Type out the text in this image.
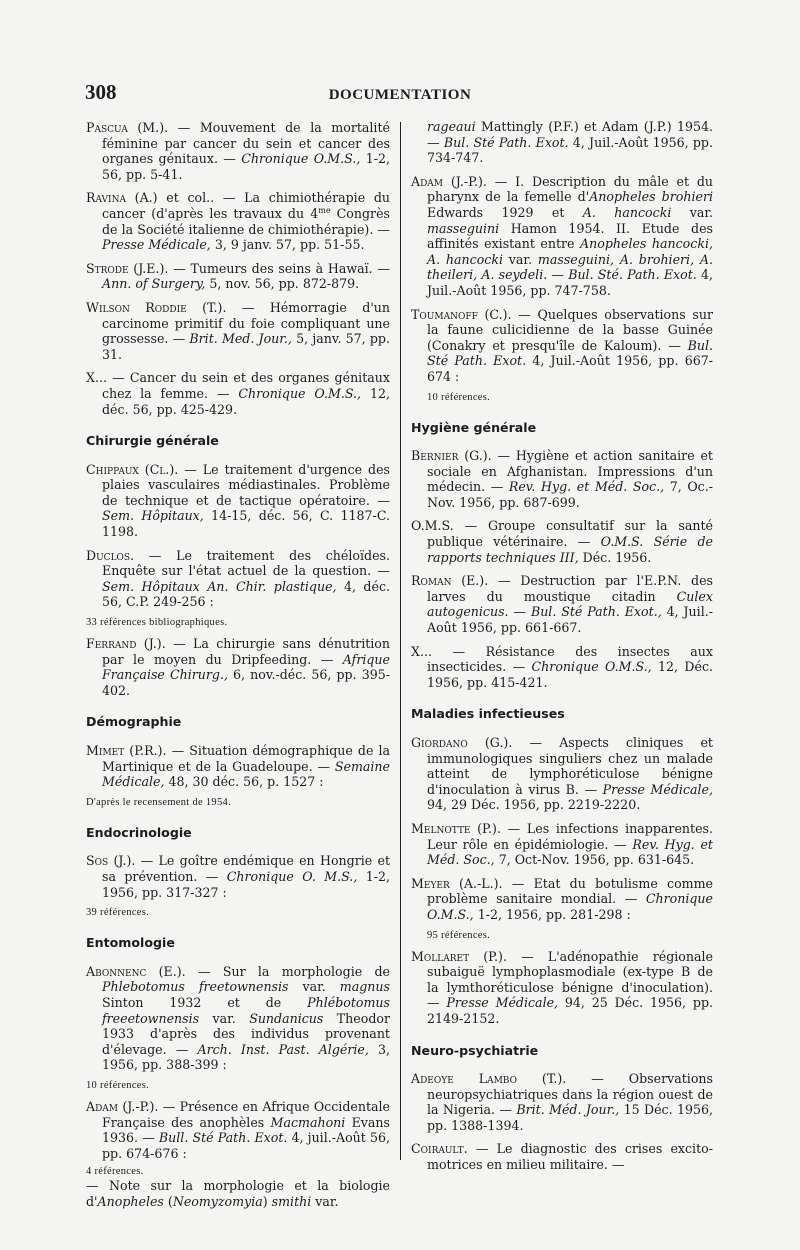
308	DOCUMENTATION

Pascua (M.). — Mouvement de la mortalité féminine par cancer du sein et cancer des organes génitaux. — Chronique O.M.S., 1-2, 56, pp. 5-41.

Ravina (A.) et col.. — La chimiothérapie du cancer (d'après les travaux du $4^{me}$ Congrès de la Société italienne de chimiothérapie). — Presse Médicale, 3, 9 janv. 57, pp. 51-55.

Strode (J.E.). — Tumeurs des seins à Hawaï. — Ann. of Surgery, 5, nov. 56, pp. 872-879.

Wilson Roddie (T.). — Hémorragie d'un carcinome primitif du foie compliquant une grossesse. — Brit. Med. Jour., 5, janv. 57, pp. 31.

X... — Cancer du sein et des organes génitaux chez la femme. — Chronique O.M.S., 12, déc. 56, pp. 425-429.

Chirurgie générale

Chippaux (Cl.). — Le traitement d'urgence des plaies vasculaires médiastinales. Problème de technique et de tactique opératoire. — Sem. Hôpitaux, 14-15, déc. 56, C. 1187-C. 1198.

Duclos. — Le traitement des chéloïdes. Enquête sur l'état actuel de la question. — Sem. Hôpitaux An. Chir. plastique, 4, déc. 56, C.P. 249-256 :

33 références bibliographiques.

Ferrand (J.). — La chirurgie sans dénutrition par le moyen du Dripfeeding. — Afrique Française Chirurg., 6, nov.-déc. 56, pp. 395-402.

Démographie

Mimet (P.R.). — Situation démographique de la Martinique et de la Guadeloupe. — Semaine Médicale, 48, 30 déc. 56, p. 1527 :

D'après le recensement de 1954.

Endocrinologie

Sos (J.). — Le goître endémique en Hongrie et sa prévention. — Chronique O. M.S., 1-2, 1956, pp. 317-327 :

39 références.

Entomologie

Abonnenc (E.). — Sur la morphologie de Phlebotomus freetownensis var. magnus Sinton 1932 et de Phlébotomus freeetownensis var. Sundanicus Theodor 1933 d'après des individus provenant d'élevage. — Arch. Inst. Past. Algérie, 3, 1956, pp. 388-399 :

10 références.

Adam (J.-P.). — Présence en Afrique Occidentale Française des anophèles Macmahoni Evans 1936. — Bull. Sté Path. Exot. 4, juil.-Août 56, pp. 674-676 :

4 références.

— Note sur la morphologie et la biologie d'Anopheles (Neomyzomyia) smithi var.

rageaui Mattingly (P.F.) et Adam (J.P.) 1954. — Bul. Sté Path. Exot. 4, Juil.-Août 1956, pp. 734-747.

Adam (J.-P.). — I. Description du mâle et du pharynx de la femelle d'Anopheles brohieri Edwards 1929 et A. hancocki var. masseguini Hamon 1954. II. Etude des affinités existant entre Anopheles hancocki, A. hancocki var. masseguini, A. brohieri, A. theileri, A. seydeli. — Bul. Sté. Path. Exot. 4, Juil.-Août 1956, pp. 747-758.

Toumanoff (C.). — Quelques observations sur la faune culicidienne de la basse Guinée (Conakry et presqu'île de Kaloum). — Bul. Sté Path. Exot. 4, Juil.-Août 1956, pp. 667-674 :

10 références.

Hygiène générale

Bernier (G.). — Hygiène et action sanitaire et sociale en Afghanistan. Impressions d'un médecin. — Rev. Hyg. et Méd. Soc., 7, Oc.-Nov. 1956, pp. 687-699.

O.M.S. — Groupe consultatif sur la santé publique vétérinaire. — O.M.S. Série de rapports techniques III, Déc. 1956.

Roman (E.). — Destruction par l'E.P.N. des larves du moustique citadin Culex autogenicus. — Bul. Sté Path. Exot., 4, Juil.-Août 1956, pp. 661-667.

X... — Résistance des insectes aux insecticides. — Chronique O.M.S., 12, Déc. 1956, pp. 415-421.

Maladies infectieuses

Giordano (G.). — Aspects cliniques et immunologiques singuliers chez un malade atteint de lymphoréticulose bénigne d'inoculation à virus B. — Presse Médicale, 94, 29 Déc. 1956, pp. 2219-2220.

Melnotte (P.). — Les infections inapparentes. Leur rôle en épidémiologie. — Rev. Hyg. et Méd. Soc., 7, Oct-Nov. 1956, pp. 631-645.

Meyer (A.-L.). — Etat du botulisme comme problème sanitaire mondial. — Chronique O.M.S., 1-2, 1956, pp. 281-298 :

95 références.

Mollaret (P.). — L'adénopathie régionale subaiguë lymphoplasmodiale (ex-type B de la lymthoréticulose bénigne d'inoculation). — Presse Médicale, 94, 25 Déc. 1956, pp. 2149-2152.

Neuro-psychiatrie

Adeoye Lambo (T.). — Observations neuropsychiatriques dans la région ouest de la Nigeria. — Brit. Méd. Jour., 15 Déc. 1956, pp. 1388-1394.

Coirault. — Le diagnostic des crises excito-motrices en milieu militaire. —
